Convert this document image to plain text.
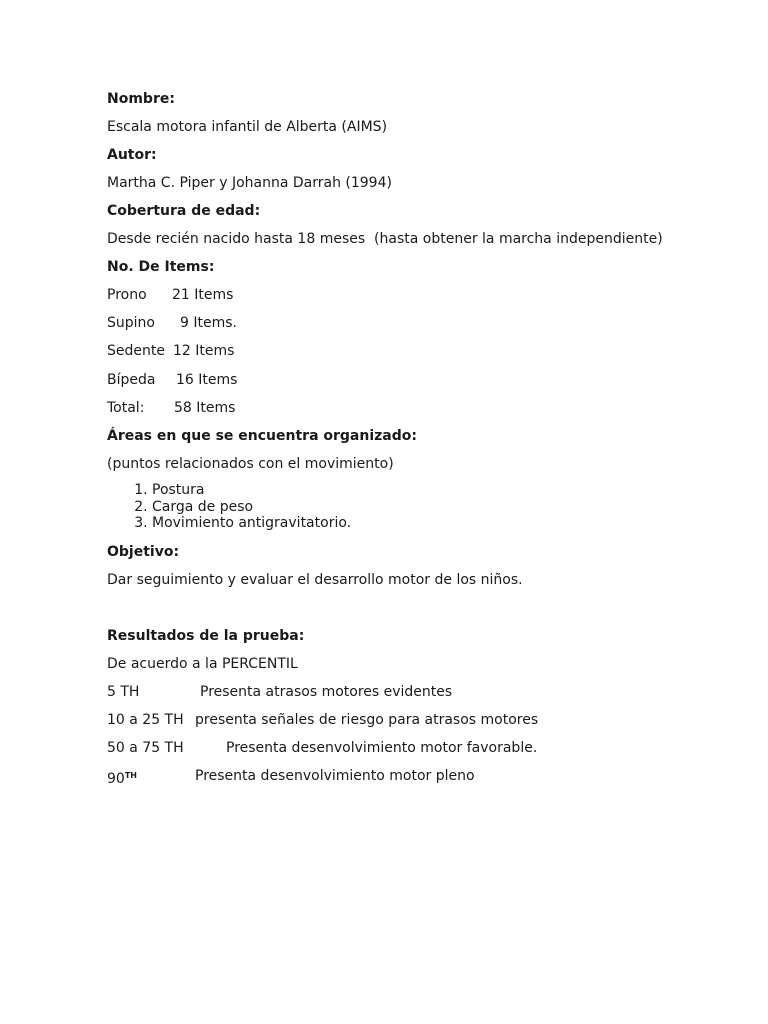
Nombre:
Escala motora infantil de Alberta (AIMS)
Autor:
Martha C. Piper y Johanna Darrah (1994)
Cobertura de edad:
Desde recién nacido hasta 18 meses  (hasta obtener la marcha independiente)
No. De Items:
Prono 21 Items
Supino 9 Items.
Sedente 12 Items
Bípeda 16 Items
Total: 58 Items
Áreas en que se encuentra organizado:
(puntos relacionados con el movimiento)
1. Postura
2. Carga de peso
3. Movimiento antigravitatorio.
Objetivo:
Dar seguimiento y evaluar el desarrollo motor de los niños.
Resultados de la prueba:
De acuerdo a la PERCENTIL
5 TH	Presenta atrasos motores evidentes
10 a 25 TH presenta señales de riesgo para atrasos motores
50 a 75 TH	Presenta desenvolvimiento motor favorable.
90TH	Presenta desenvolvimiento motor pleno
